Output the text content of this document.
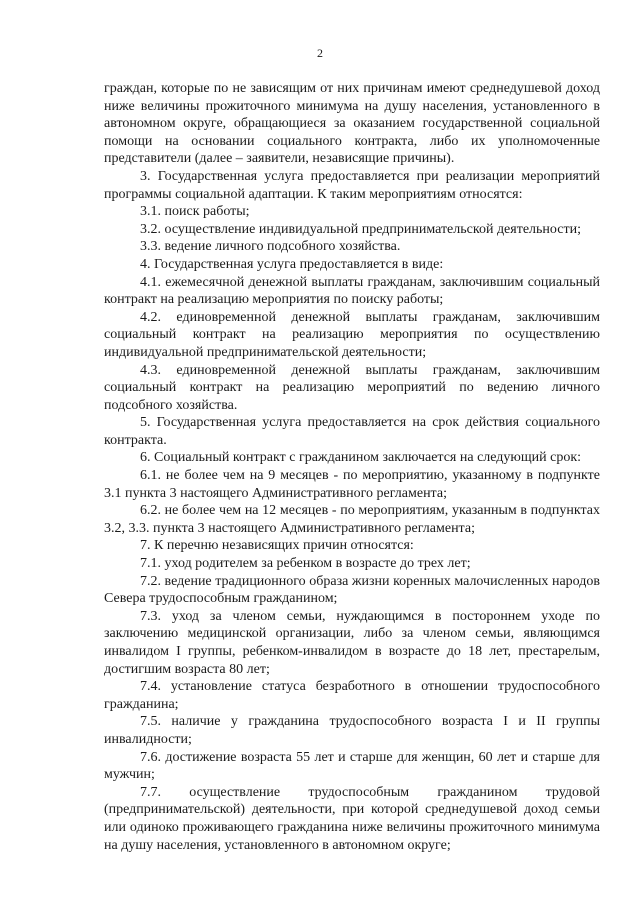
2

граждан, которые по не зависящим от них причинам имеют среднедушевой доход ниже величины прожиточного минимума на душу населения, установленного в автономном округе, обращающиеся за оказанием государственной социальной помощи на основании социального контракта, либо их уполномоченные представители (далее – заявители, независящие причины).

3. Государственная услуга предоставляется при реализации мероприятий программы социальной адаптации. К таким мероприятиям относятся:

3.1. поиск работы;

3.2. осуществление индивидуальной предпринимательской деятельности;

3.3. ведение личного подсобного хозяйства.

4. Государственная услуга предоставляется в виде:

4.1. ежемесячной денежной выплаты гражданам, заключившим социальный контракт на реализацию мероприятия по поиску работы;

4.2. единовременной денежной выплаты гражданам, заключившим социальный контракт на реализацию мероприятия по осуществлению индивидуальной предпринимательской деятельности;

4.3. единовременной денежной выплаты гражданам, заключившим социальный контракт на реализацию мероприятий по ведению личного подсобного хозяйства.

5. Государственная услуга предоставляется на срок действия социального контракта.

6. Социальный контракт с гражданином заключается на следующий срок:

6.1. не более чем на 9 месяцев - по мероприятию, указанному в подпункте 3.1 пункта 3 настоящего Административного регламента;

6.2. не более чем на 12 месяцев - по мероприятиям, указанным в подпунктах 3.2, 3.3. пункта 3 настоящего Административного регламента;

7. К перечню независящих причин относятся:

7.1. уход родителем за ребенком в возрасте до трех лет;

7.2. ведение традиционного образа жизни коренных малочисленных народов Севера трудоспособным гражданином;

7.3. уход за членом семьи, нуждающимся в постороннем уходе по заключению медицинской организации, либо за членом семьи, являющимся инвалидом I группы, ребенком-инвалидом в возрасте до 18 лет, престарелым, достигшим возраста 80 лет;

7.4. установление статуса безработного в отношении трудоспособного гражданина;

7.5. наличие у гражданина трудоспособного возраста I и II группы инвалидности;

7.6. достижение возраста 55 лет и старше для женщин, 60 лет и старше для мужчин;

7.7. осуществление трудоспособным гражданином трудовой (предпринимательской) деятельности, при которой среднедушевой доход семьи или одиноко проживающего гражданина ниже величины прожиточного минимума на душу населения, установленного в автономном округе;
